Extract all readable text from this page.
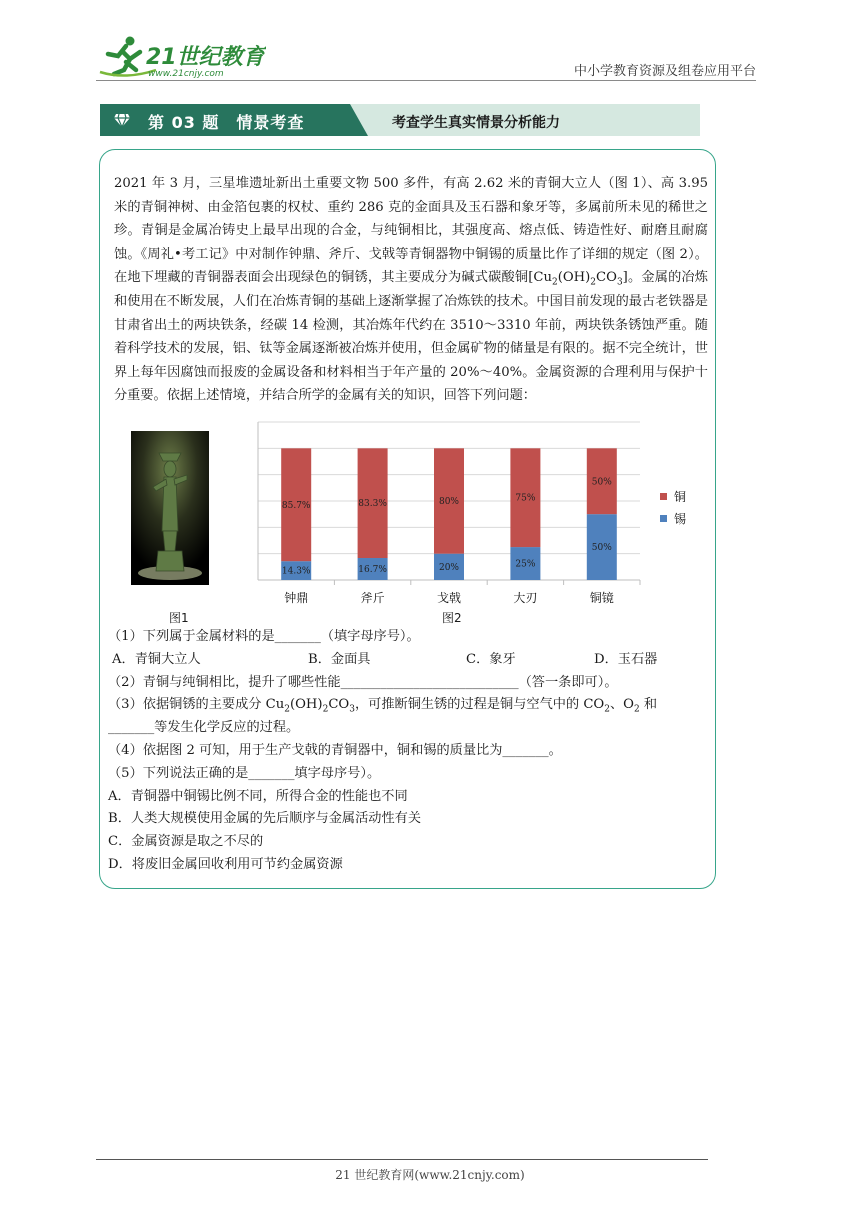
21世纪教育
www.21cnjy.com	中小学教育资源及组卷应用平台
第 03 题　情景考查	考查学生真实情景分析能力

2021 年 3 月，三星堆遗址新出土重要文物 500 多件，有高 2.62 米的青铜大立人（图 1）、高 3.95 米的青铜神树、由金箔包裹的权杖、重约 286 克的金面具及玉石器和象牙等，多属前所未见的稀世之珍。青铜是金属冶铸史上最早出现的合金，与纯铜相比，其强度高、熔点低、铸造性好、耐磨且耐腐蚀。《周礼•考工记》中对制作钟鼎、斧斤、戈戟等青铜器物中铜锡的质量比作了详细的规定（图 2）。在地下埋藏的青铜器表面会出现绿色的铜锈，其主要成分为碱式碳酸铜$[Cu_2(OH)_2CO_3]$。金属的冶炼和使用在不断发展，人们在冶炼青铜的基础上逐渐掌握了冶炼铁的技术。中国目前发现的最古老铁器是甘肃省出土的两块铁条，经碳 14 检测，其冶炼年代约在 3510～3310 年前，两块铁条锈蚀严重。随着科学技术的发展，铝、钛等金属逐渐被冶炼并使用，但金属矿物的储量是有限的。据不完全统计，世界上每年因腐蚀而报废的金属设备和材料相当于年产量的 20%～40%。金属资源的合理利用与保护十分重要。依据上述情境，并结合所学的金属有关的知识，回答下列问题：

图1
85.7%
14.3%
钟鼎
83.3%
16.7%
斧斤
80%
20%
戈戟
75%
25%
大刃
50%
50%
铜镜
铜
锡
图2
（1）下列属于金属材料的是_______（填字母序号）。
A．青铜大立人	B．金面具	C．象牙	D．玉石器
（2）青铜与纯铜相比，提升了哪些性能___________________________（答一条即可）。
（3）依据铜锈的主要成分 $Cu_2(OH)_2CO_3$，可推断铜生锈的过程是铜与空气中的 $CO_2$、$O_2$ 和
_______等发生化学反应的过程。
（4）依据图 2 可知，用于生产戈戟的青铜器中，铜和锡的质量比为_______。
（5）下列说法正确的是_______填字母序号）。
A．青铜器中铜锡比例不同，所得合金的性能也不同
B．人类大规模使用金属的先后顺序与金属活动性有关
C．金属资源是取之不尽的
D．将废旧金属回收利用可节约金属资源
21 世纪教育网(www.21cnjy.com)
